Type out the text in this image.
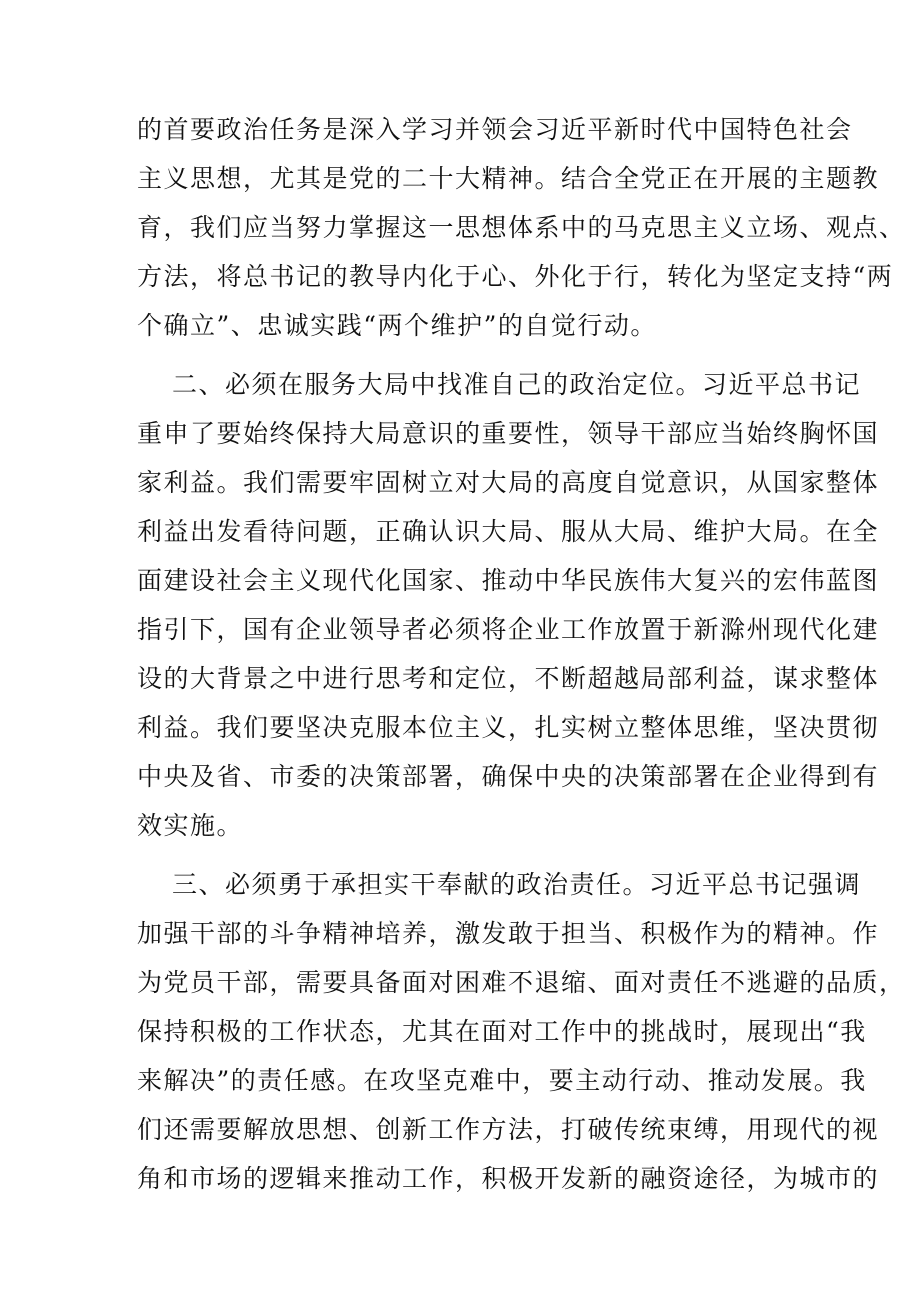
的首要政治任务是深入学习并领会习近平新时代中国特色社会
主义思想，尤其是党的二十大精神。结合全党正在开展的主题教
育，我们应当努力掌握这一思想体系中的马克思主义立场、观点、
方法，将总书记的教导内化于心、外化于行，转化为坚定支持“两
个确立”、忠诚实践“两个维护”的自觉行动。
二、必须在服务大局中找准自己的政治定位。习近平总书记
重申了要始终保持大局意识的重要性，领导干部应当始终胸怀国
家利益。我们需要牢固树立对大局的高度自觉意识，从国家整体
利益出发看待问题，正确认识大局、服从大局、维护大局。在全
面建设社会主义现代化国家、推动中华民族伟大复兴的宏伟蓝图
指引下，国有企业领导者必须将企业工作放置于新滁州现代化建
设的大背景之中进行思考和定位，不断超越局部利益，谋求整体
利益。我们要坚决克服本位主义，扎实树立整体思维，坚决贯彻
中央及省、市委的决策部署，确保中央的决策部署在企业得到有
效实施。
三、必须勇于承担实干奉献的政治责任。习近平总书记强调
加强干部的斗争精神培养，激发敢于担当、积极作为的精神。作
为党员干部，需要具备面对困难不退缩、面对责任不逃避的品质，
保持积极的工作状态，尤其在面对工作中的挑战时，展现出“我
来解决”的责任感。在攻坚克难中，要主动行动、推动发展。我
们还需要解放思想、创新工作方法，打破传统束缚，用现代的视
角和市场的逻辑来推动工作，积极开发新的融资途径，为城市的
